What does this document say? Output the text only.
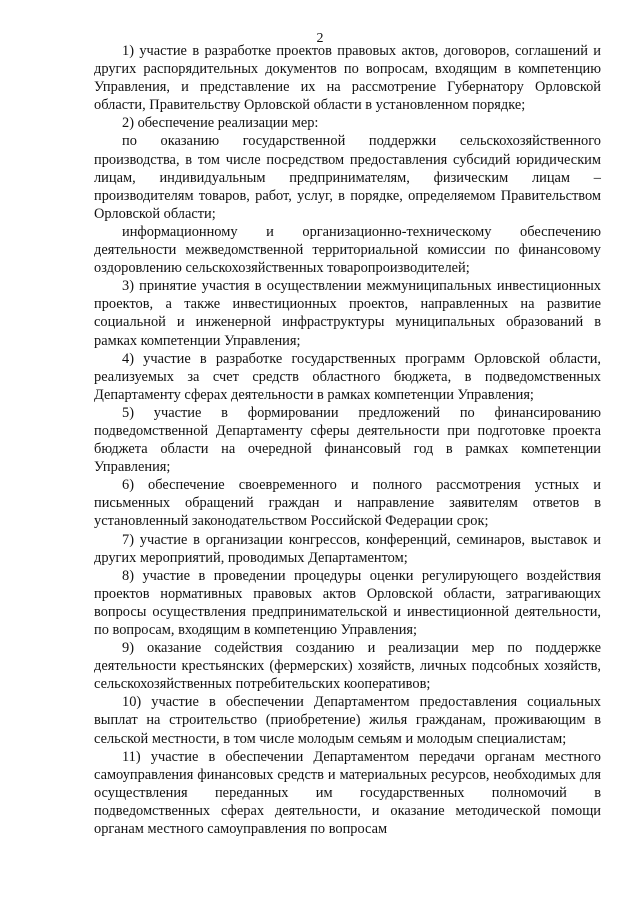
2

1) участие в разработке проектов правовых актов, договоров, соглашений и других распорядительных документов по вопросам, входящим в компетенцию Управления, и представление их на рассмотрение Губернатору Орловской области, Правительству Орловской области в установленном порядке;

2) обеспечение реализации мер:

по оказанию государственной поддержки сельскохозяйственного производства, в том числе посредством предоставления субсидий юридическим лицам, индивидуальным предпринимателям, физическим лицам – производителям товаров, работ, услуг, в порядке, определяемом Правительством Орловской области;

информационному и организационно-техническому обеспечению деятельности межведомственной территориальной комиссии по финансовому оздоровлению сельскохозяйственных товаропроизводителей;

3) принятие участия в осуществлении межмуниципальных инвестиционных проектов, а также инвестиционных проектов, направленных на развитие социальной и инженерной инфраструктуры муниципальных образований в рамках компетенции Управления;

4) участие в разработке государственных программ Орловской области, реализуемых за счет средств областного бюджета, в подведомственных Департаменту сферах деятельности в рамках компетенции Управления;

5) участие в формировании предложений по финансированию подведомственной Департаменту сферы деятельности при подготовке проекта бюджета области на очередной финансовый год в рамках компетенции Управления;

6) обеспечение своевременного и полного рассмотрения устных и письменных обращений граждан и направление заявителям ответов в установленный законодательством Российской Федерации срок;

7) участие в организации конгрессов, конференций, семинаров, выставок и других мероприятий, проводимых Департаментом;

8) участие в проведении процедуры оценки регулирующего воздействия проектов нормативных правовых актов Орловской области, затрагивающих вопросы осуществления предпринимательской и инвестиционной деятельности, по вопросам, входящим в компетенцию Управления;

9) оказание содействия созданию и реализации мер по поддержке деятельности крестьянских (фермерских) хозяйств, личных подсобных хозяйств, сельскохозяйственных потребительских кооперативов;

10) участие в обеспечении Департаментом предоставления социальных выплат на строительство (приобретение) жилья гражданам, проживающим в сельской местности, в том числе молодым семьям и молодым специалистам;

11) участие в обеспечении Департаментом передачи органам местного самоуправления финансовых средств и материальных ресурсов, необходимых для осуществления переданных им государственных полномочий в подведомственных сферах деятельности, и оказание методической помощи органам местного самоуправления по вопросам
